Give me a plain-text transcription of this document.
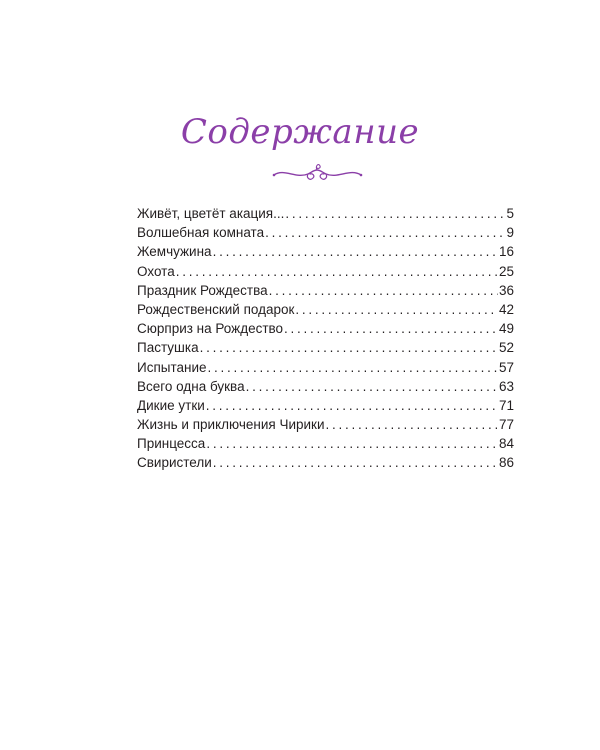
Содержание
Живёт, цветёт акация... . . .	5
Волшебная комната . . .	9
Жемчужина . . .	16
Охота . . .	25
Праздник Рождества . . .	36
Рождественский подарок . . .	42
Сюрприз на Рождество . . .	49
Пастушка . . .	52
Испытание . . .	57
Всего одна буква . . .	63
Дикие утки . . .	71
Жизнь и приключения Чирики . . .	77
Принцесса . . .	84
Свиристели . . .	86
